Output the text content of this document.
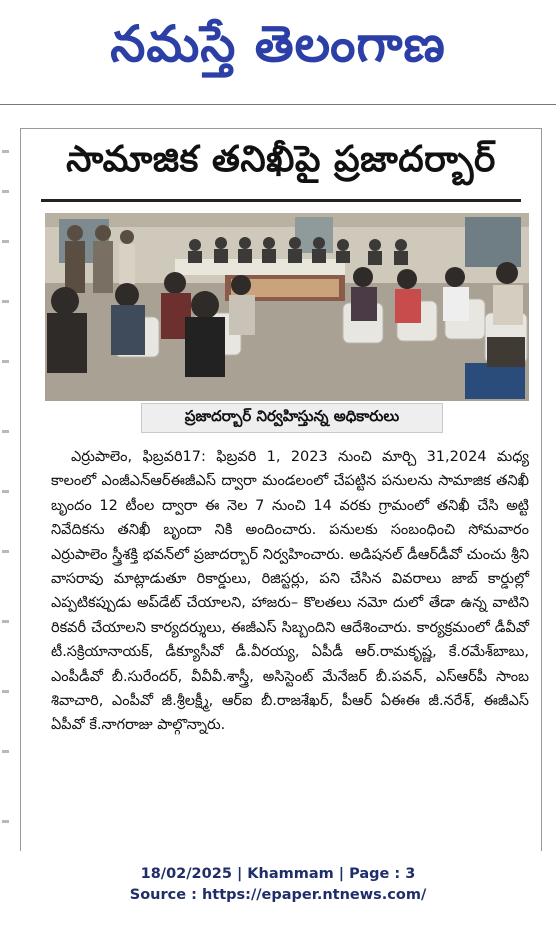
నమస్తే తెలంగాణ
సామాజిక తనిఖీపై ప్రజాదర్బార్
ప్రజాదర్బార్ నిర్వహిస్తున్న అధికారులు
ఎర్రుపాలెం, ఫిబ్రవరి17: ఫిబ్రవరి 1, 2023 నుంచి మార్చి 31,2024 మధ్య కాలంలో ఎంజీఎన్‌ఆర్‌ఈజీఎస్ ద్వారా మండలంలో చేపట్టిన పనులను సామాజిక తనిఖీ బృందం 12 టీంల ద్వారా ఈ నెల 7 నుంచి 14 వరకు గ్రామంలో తనిఖీ చేసి అట్టి నివేదికను తనిఖీ బృందా నికి అందించారు. పనులకు సంబంధించి సోమవారం ఎర్రుపాలెం స్త్రీశక్తి భవన్‌లో ప్రజాదర్బార్ నిర్వహించారు. అడిషనల్ డీఆర్‌డీవో చుంచు శ్రీని వాసరావు మాట్లాడుతూ రికార్డులు, రిజిస్టర్లు, పని చేసిన వివరాలు జాబ్ కార్డుల్లో ఎప్పటికప్పుడు అప్‌డేట్ చేయాలని, హాజరు– కొలతలు నమో దులో తేడా ఉన్న వాటిని రికవరీ చేయాలని కార్యదర్శులు, ఈజీఎస్ సిబ్బందిని ఆదేశించారు. కార్యక్రమంలో డీవీవో టీ.సక్రియానాయక్, డీక్యూసీవో డీ.వీరయ్య, ఏపీడీ ఆర్.రామకృష్ణ, కే.రమేశ్‌బాబు, ఎంపీడీవో బీ.సురేందర్, వీవీవీ.శాస్త్రీ, అసిస్టెంట్ మేనేజర్ బీ.పవన్, ఎస్ఆర్‌పీ సాంబ శివాచారి, ఎంపీవో జీ.శ్రీలక్ష్మీ, ఆర్ఐ బీ.రాజశేఖర్, పీఆర్ ఏఈఈ జీ.నరేశ్, ఈజీఎస్ ఏపీవో కే.నాగరాజు పాల్గొన్నారు.
18/02/2025 | Khammam | Page : 3
Source : https://epaper.ntnews.com/
